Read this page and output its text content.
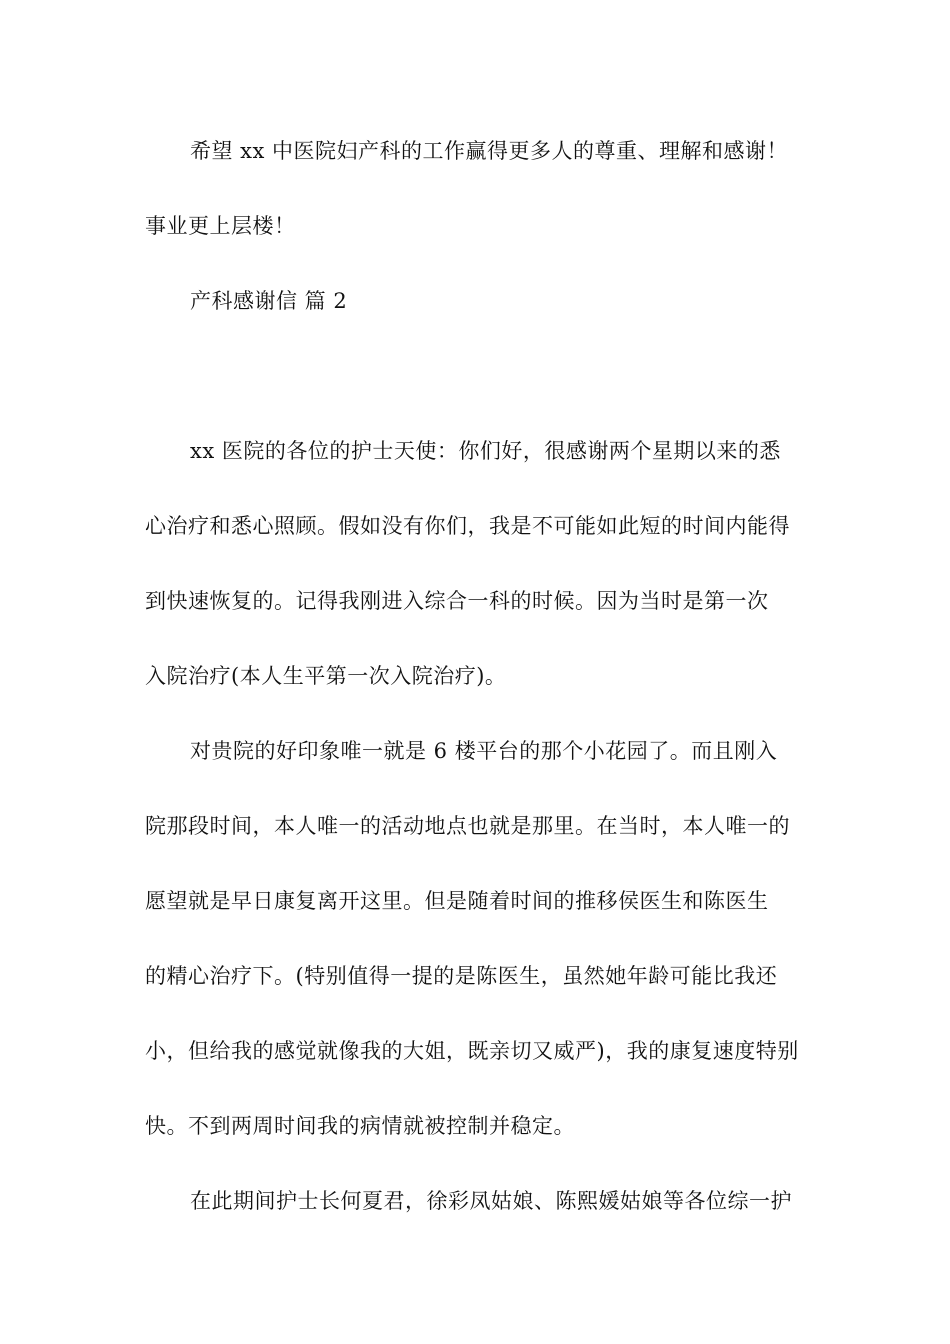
希望 xx 中医院妇产科的工作赢得更多人的尊重、理解和感谢！
事业更上层楼！
产科感谢信 篇 2
xx 医院的各位的护士天使：你们好，很感谢两个星期以来的悉
心治疗和悉心照顾。假如没有你们，我是不可能如此短的时间内能得
到快速恢复的。记得我刚进入综合一科的时候。因为当时是第一次
入院治疗(本人生平第一次入院治疗)。
对贵院的好印象唯一就是 6 楼平台的那个小花园了。而且刚入
院那段时间，本人唯一的活动地点也就是那里。在当时，本人唯一的
愿望就是早日康复离开这里。但是随着时间的推移侯医生和陈医生
的精心治疗下。(特别值得一提的是陈医生，虽然她年龄可能比我还
小，但给我的感觉就像我的大姐，既亲切又威严)，我的康复速度特别
快。不到两周时间我的病情就被控制并稳定。
在此期间护士长何夏君，徐彩凤姑娘、陈熙媛姑娘等各位综一护
